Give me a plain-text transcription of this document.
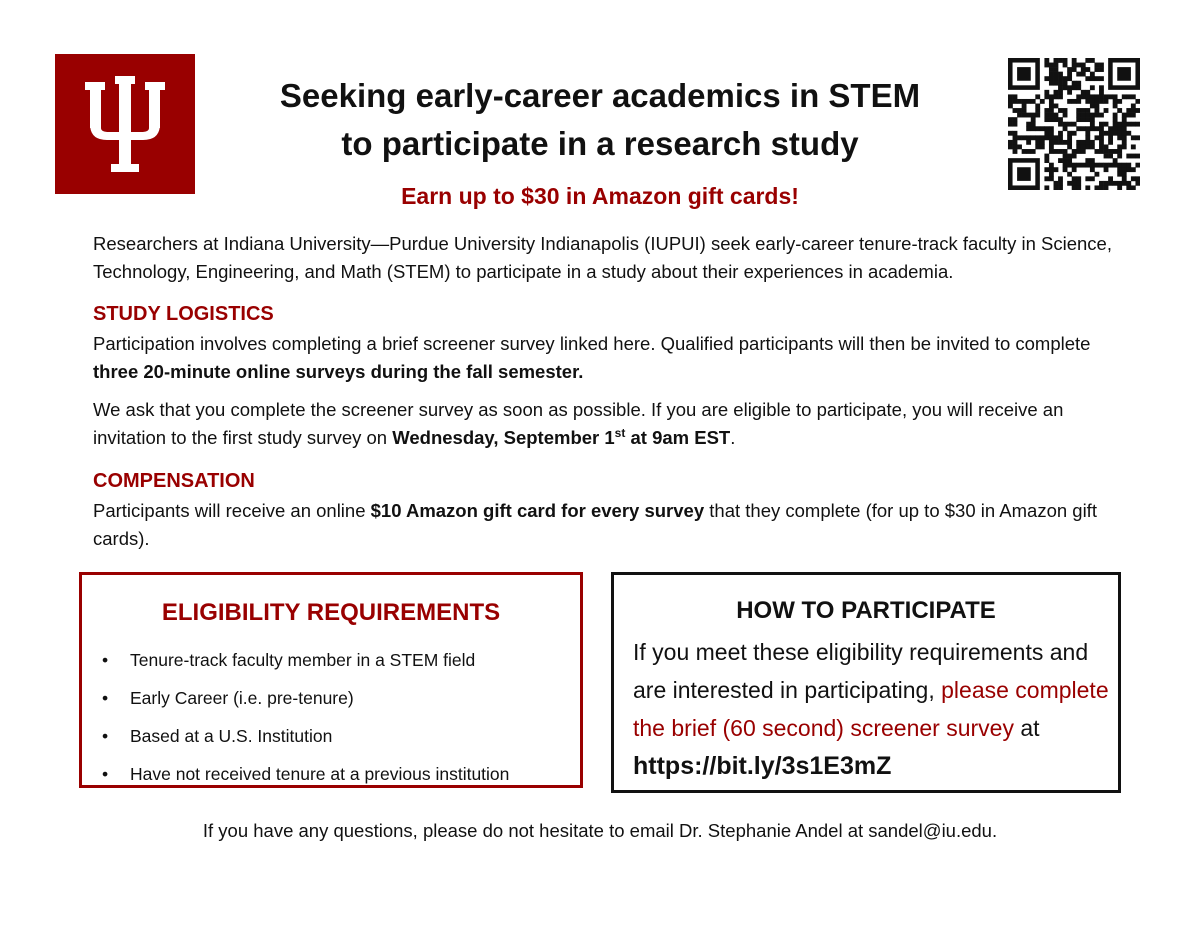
Seeking early-career academics in STEM
to participate in a research study
Earn up to $30 in Amazon gift cards!

Researchers at Indiana University—Purdue University Indianapolis (IUPUI) seek early-career tenure-track faculty in Science, Technology, Engineering, and Math (STEM) to participate in a study about their experiences in academia.

STUDY LOGISTICS

Participation involves completing a brief screener survey linked here. Qualified participants will then be invited to complete three 20-minute online surveys during the fall semester.

We ask that you complete the screener survey as soon as possible. If you are eligible to participate, you will receive an invitation to the first study survey on Wednesday, September 1st at 9am EST.

COMPENSATION

Participants will receive an online $10 Amazon gift card for every survey that they complete (for up to $30 in Amazon gift cards).

ELIGIBILITY REQUIREMENTS
• Tenure-track faculty member in a STEM field
• Early Career (i.e. pre-tenure)
• Based at a U.S. Institution
• Have not received tenure at a previous institution
HOW TO PARTICIPATE

If you meet these eligibility requirements and are interested in participating, please complete the brief (60 second) screener survey at https://bit.ly/3s1E3mZ

If you have any questions, please do not hesitate to email Dr. Stephanie Andel at sandel@iu.edu.
